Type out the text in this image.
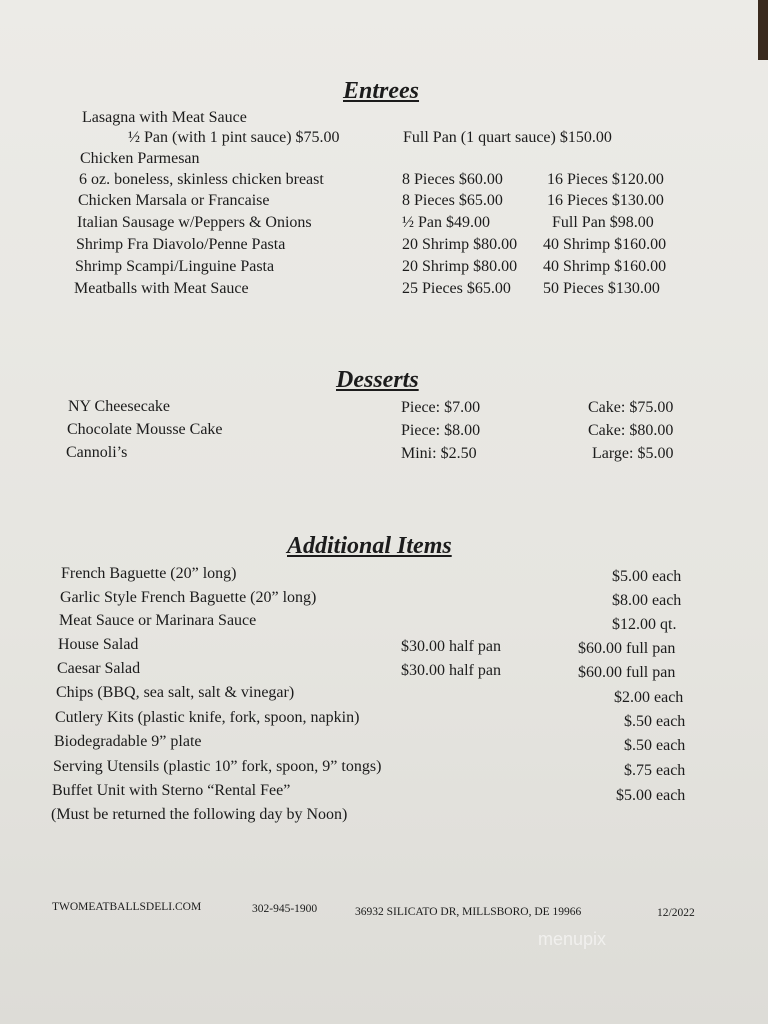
Entrees
Lasagna with Meat Sauce
½ Pan (with 1 pint sauce) $75.00	Full Pan (1 quart sauce) $150.00
Chicken Parmesan
6 oz. boneless, skinless chicken breast	8 Pieces $60.00	16 Pieces $120.00
Chicken Marsala or Francaise	8 Pieces $65.00	16 Pieces $130.00
Italian Sausage w/Peppers & Onions	½ Pan $49.00	Full Pan $98.00
Shrimp Fra Diavolo/Penne Pasta	20 Shrimp $80.00 40 Shrimp $160.00
Shrimp Scampi/Linguine Pasta	20 Shrimp $80.00 40 Shrimp $160.00
Meatballs with Meat Sauce	25 Pieces $65.00 50 Pieces $130.00
Desserts
NY Cheesecake	Piece: $7.00	Cake: $75.00
Chocolate Mousse Cake	Piece: $8.00	Cake: $80.00
Cannoli’s	Mini: $2.50	Large: $5.00
Additional Items
French Baguette (20” long)	$5.00 each
Garlic Style French Baguette (20” long)	$8.00 each
Meat Sauce or Marinara Sauce	$12.00 qt.
House Salad	$30.00 half pan	$60.00 full pan
Caesar Salad	$30.00 half pan	$60.00 full pan
Chips (BBQ, sea salt, salt & vinegar)	$2.00 each
Cutlery Kits (plastic knife, fork, spoon, napkin)	$.50 each
Biodegradable 9” plate	$.50 each
Serving Utensils (plastic 10” fork, spoon, 9” tongs)	$.75 each
Buffet Unit with Sterno “Rental Fee”	$5.00 each
(Must be returned the following day by Noon)
TWOMEATBALLSDELI.COM	302-945-1900	36932 SILICATO DR, MILLSBORO, DE 19966	12/2022
menupix
